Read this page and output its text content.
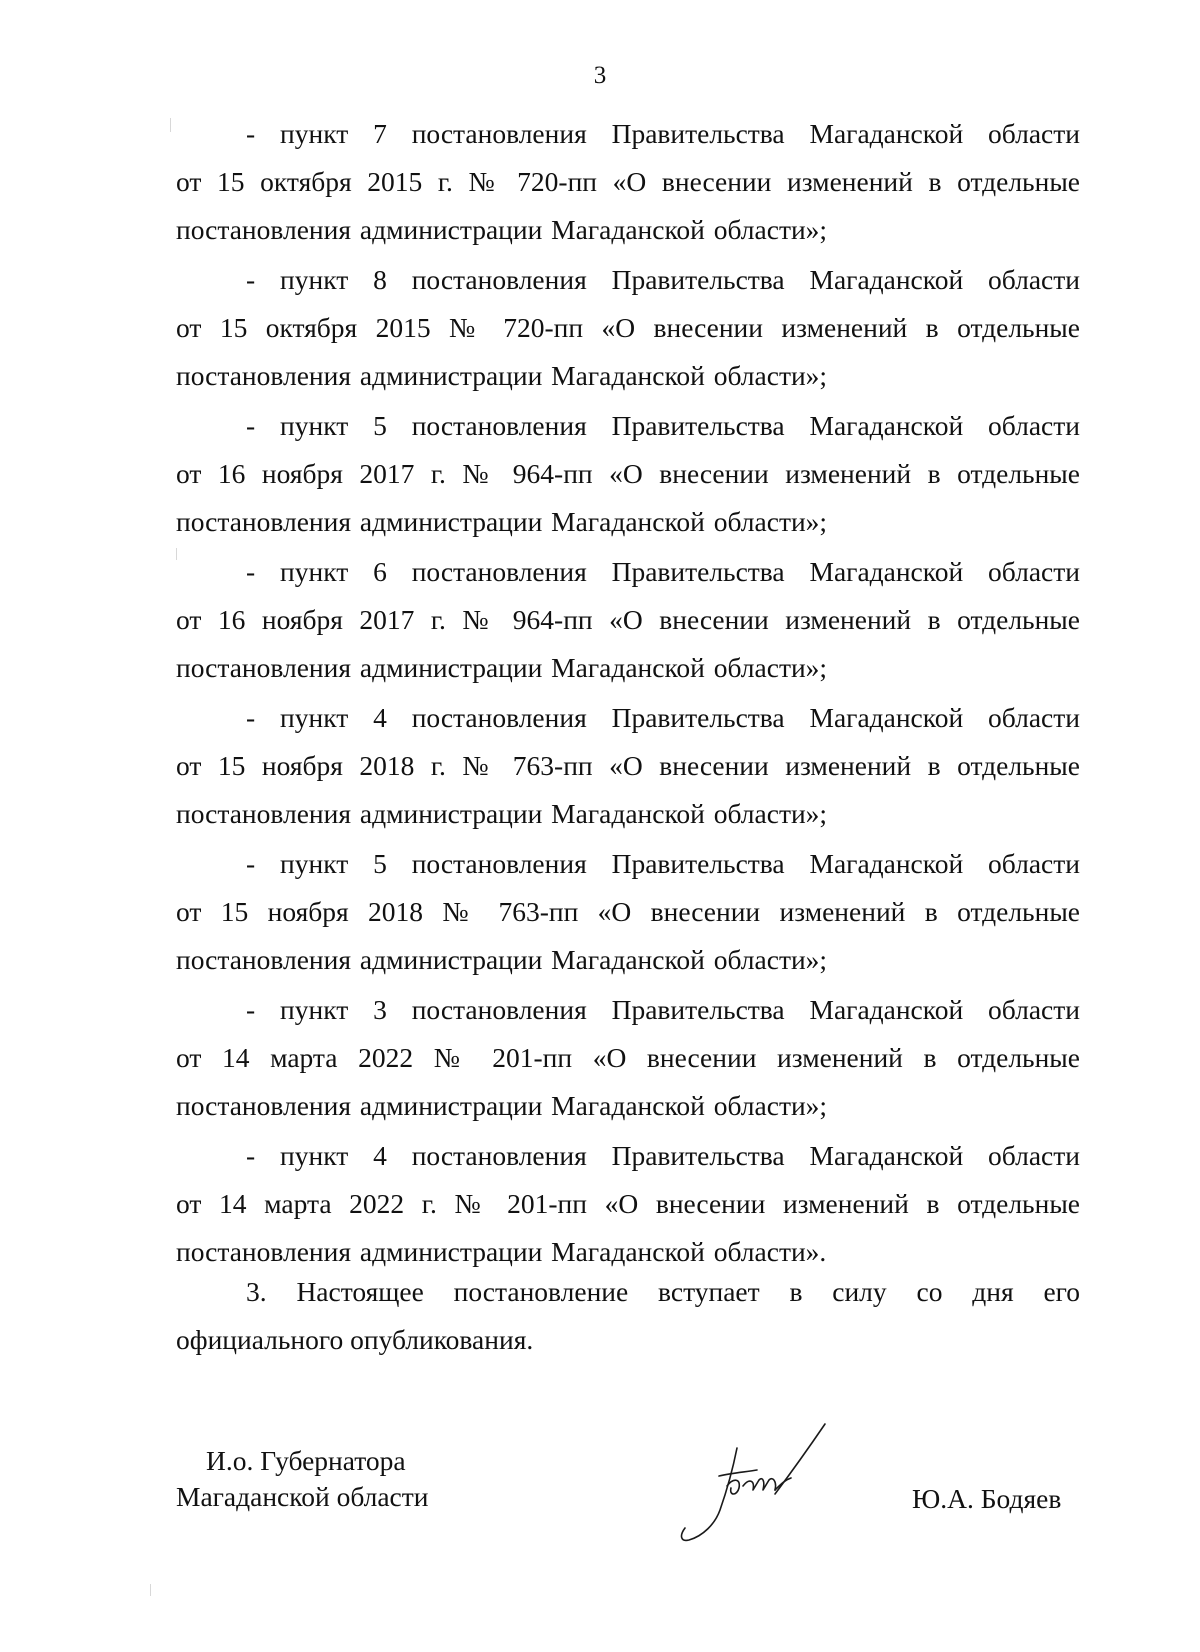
3
- пункт 7 постановления Правительства Магаданской области
от 15 октября 2015 г. № 720-пп «О внесении изменений в отдельные
постановления администрации Магаданской области»;
- пункт 8 постановления Правительства Магаданской области
от 15 октября 2015 № 720-пп «О внесении изменений в отдельные
постановления администрации Магаданской области»;
- пункт 5 постановления Правительства Магаданской области
от 16 ноября 2017 г. № 964-пп «О внесении изменений в отдельные
постановления администрации Магаданской области»;
- пункт 6 постановления Правительства Магаданской области
от 16 ноября 2017 г. № 964-пп «О внесении изменений в отдельные
постановления администрации Магаданской области»;
- пункт 4 постановления Правительства Магаданской области
от 15 ноября 2018 г. № 763-пп «О внесении изменений в отдельные
постановления администрации Магаданской области»;
- пункт 5 постановления Правительства Магаданской области
от 15 ноября 2018 № 763-пп «О внесении изменений в отдельные
постановления администрации Магаданской области»;
- пункт 3 постановления Правительства Магаданской области
от 14 марта 2022 № 201-пп «О внесении изменений в отдельные
постановления администрации Магаданской области»;
- пункт 4 постановления Правительства Магаданской области
от 14 марта 2022 г. № 201-пп «О внесении изменений в отдельные
постановления администрации Магаданской области».
3. Настоящее постановление вступает в силу со дня его
официального опубликования.
И.о. Губернатора
Магаданской области	Ю.А. Бодяев
